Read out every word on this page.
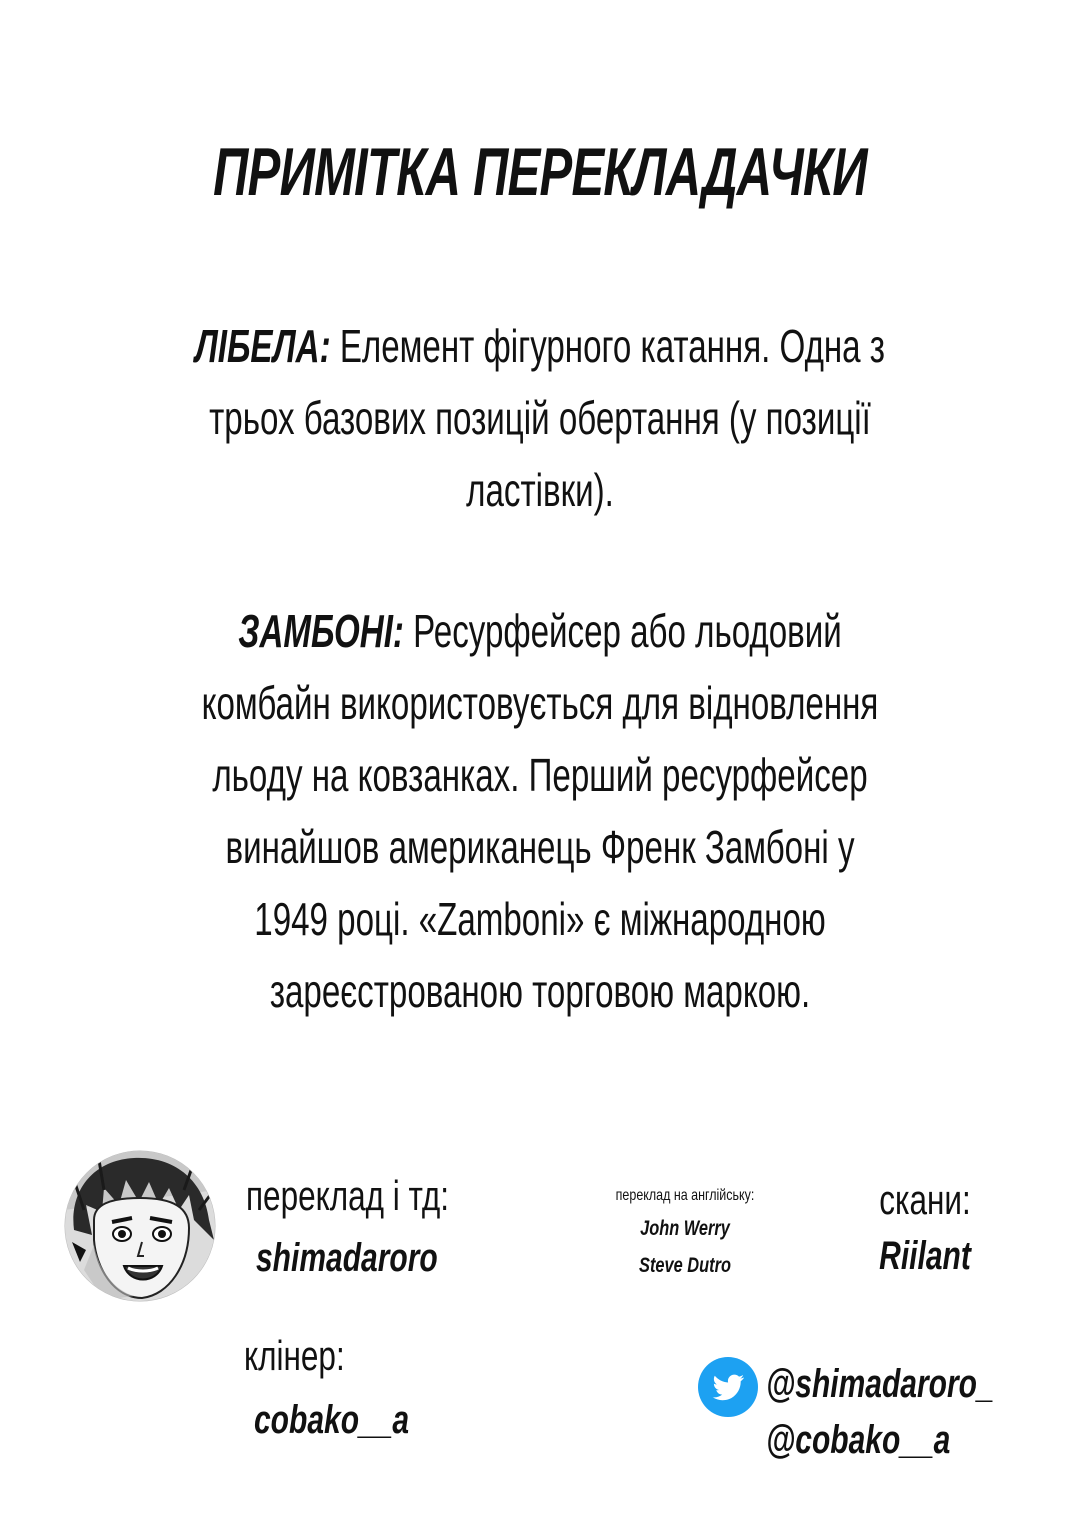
ПРИМІТКА ПЕРЕКЛАДАЧКИ
ЛІБЕЛА: Елемент фігурного катання. Одна з
трьох базових позицій обертання (у позиції
ластівки).
ЗАМБОНІ: Ресурфейсер або льодовий
комбайн використовується для відновлення
льоду на ковзанках. Перший ресурфейсер
винайшов американець Френк Замбоні у
1949 році. «Zamboni» є міжнародною
зареєстрованою торговою маркою.
переклад і тд:
shimadaroro
переклад на англійську:
John Werry
Steve Dutro
скани:
Riilant
клінер:
cobako__a
@shimadaroro_
@cobako__a
